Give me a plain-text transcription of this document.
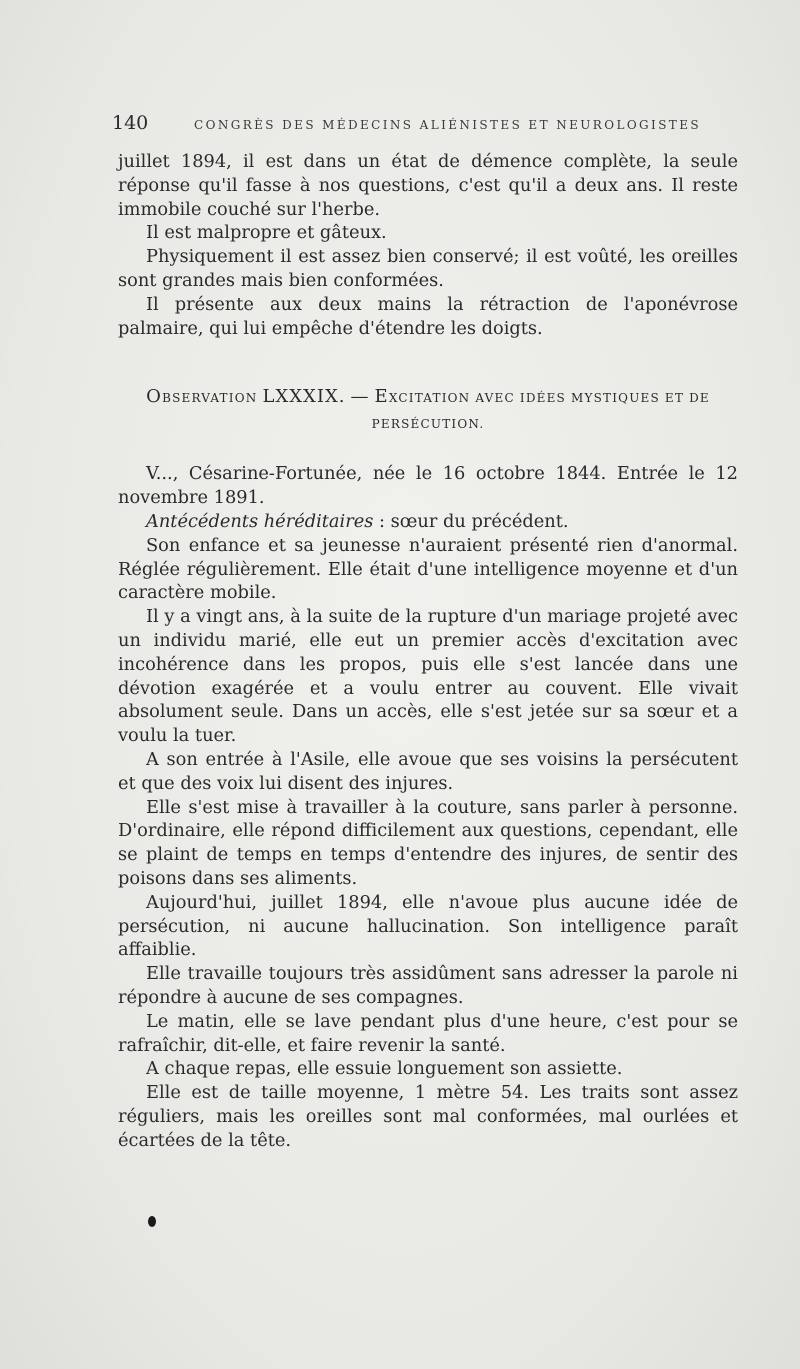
140	CONGRÈS DES MÉDECINS ALIÉNISTES ET NEUROLOGISTES

juillet 1894, il est dans un état de démence complète, la seule réponse qu'il fasse à nos questions, c'est qu'il a deux ans. Il reste immobile couché sur l'herbe.

Il est malpropre et gâteux.

Physiquement il est assez bien conservé; il est voûté, les oreilles sont grandes mais bien conformées.

Il présente aux deux mains la rétraction de l'aponévrose palmaire, qui lui empêche d'étendre les doigts.

OBSERVATION LXXXIX. — EXCITATION AVEC IDÉES MYSTIQUES ET DE
PERSÉCUTION.

V..., Césarine-Fortunée, née le 16 octobre 1844. Entrée le 12 novembre 1891.

Antécédents héréditaires : sœur du précédent.

Son enfance et sa jeunesse n'auraient présenté rien d'anormal. Réglée régulièrement. Elle était d'une intelligence moyenne et d'un caractère mobile.

Il y a vingt ans, à la suite de la rupture d'un mariage projeté avec un individu marié, elle eut un premier accès d'excitation avec incohérence dans les propos, puis elle s'est lancée dans une dévotion exagérée et a voulu entrer au couvent. Elle vivait absolument seule. Dans un accès, elle s'est jetée sur sa sœur et a voulu la tuer.

A son entrée à l'Asile, elle avoue que ses voisins la persécutent et que des voix lui disent des injures.

Elle s'est mise à travailler à la couture, sans parler à personne. D'ordinaire, elle répond difficilement aux questions, cependant, elle se plaint de temps en temps d'entendre des injures, de sentir des poisons dans ses aliments.

Aujourd'hui, juillet 1894, elle n'avoue plus aucune idée de persécution, ni aucune hallucination. Son intelligence paraît affaiblie.

Elle travaille toujours très assidûment sans adresser la parole ni répondre à aucune de ses compagnes.

Le matin, elle se lave pendant plus d'une heure, c'est pour se rafraîchir, dit-elle, et faire revenir la santé.

A chaque repas, elle essuie longuement son assiette.

Elle est de taille moyenne, 1 mètre 54. Les traits sont assez réguliers, mais les oreilles sont mal conformées, mal ourlées et écartées de la tête.
